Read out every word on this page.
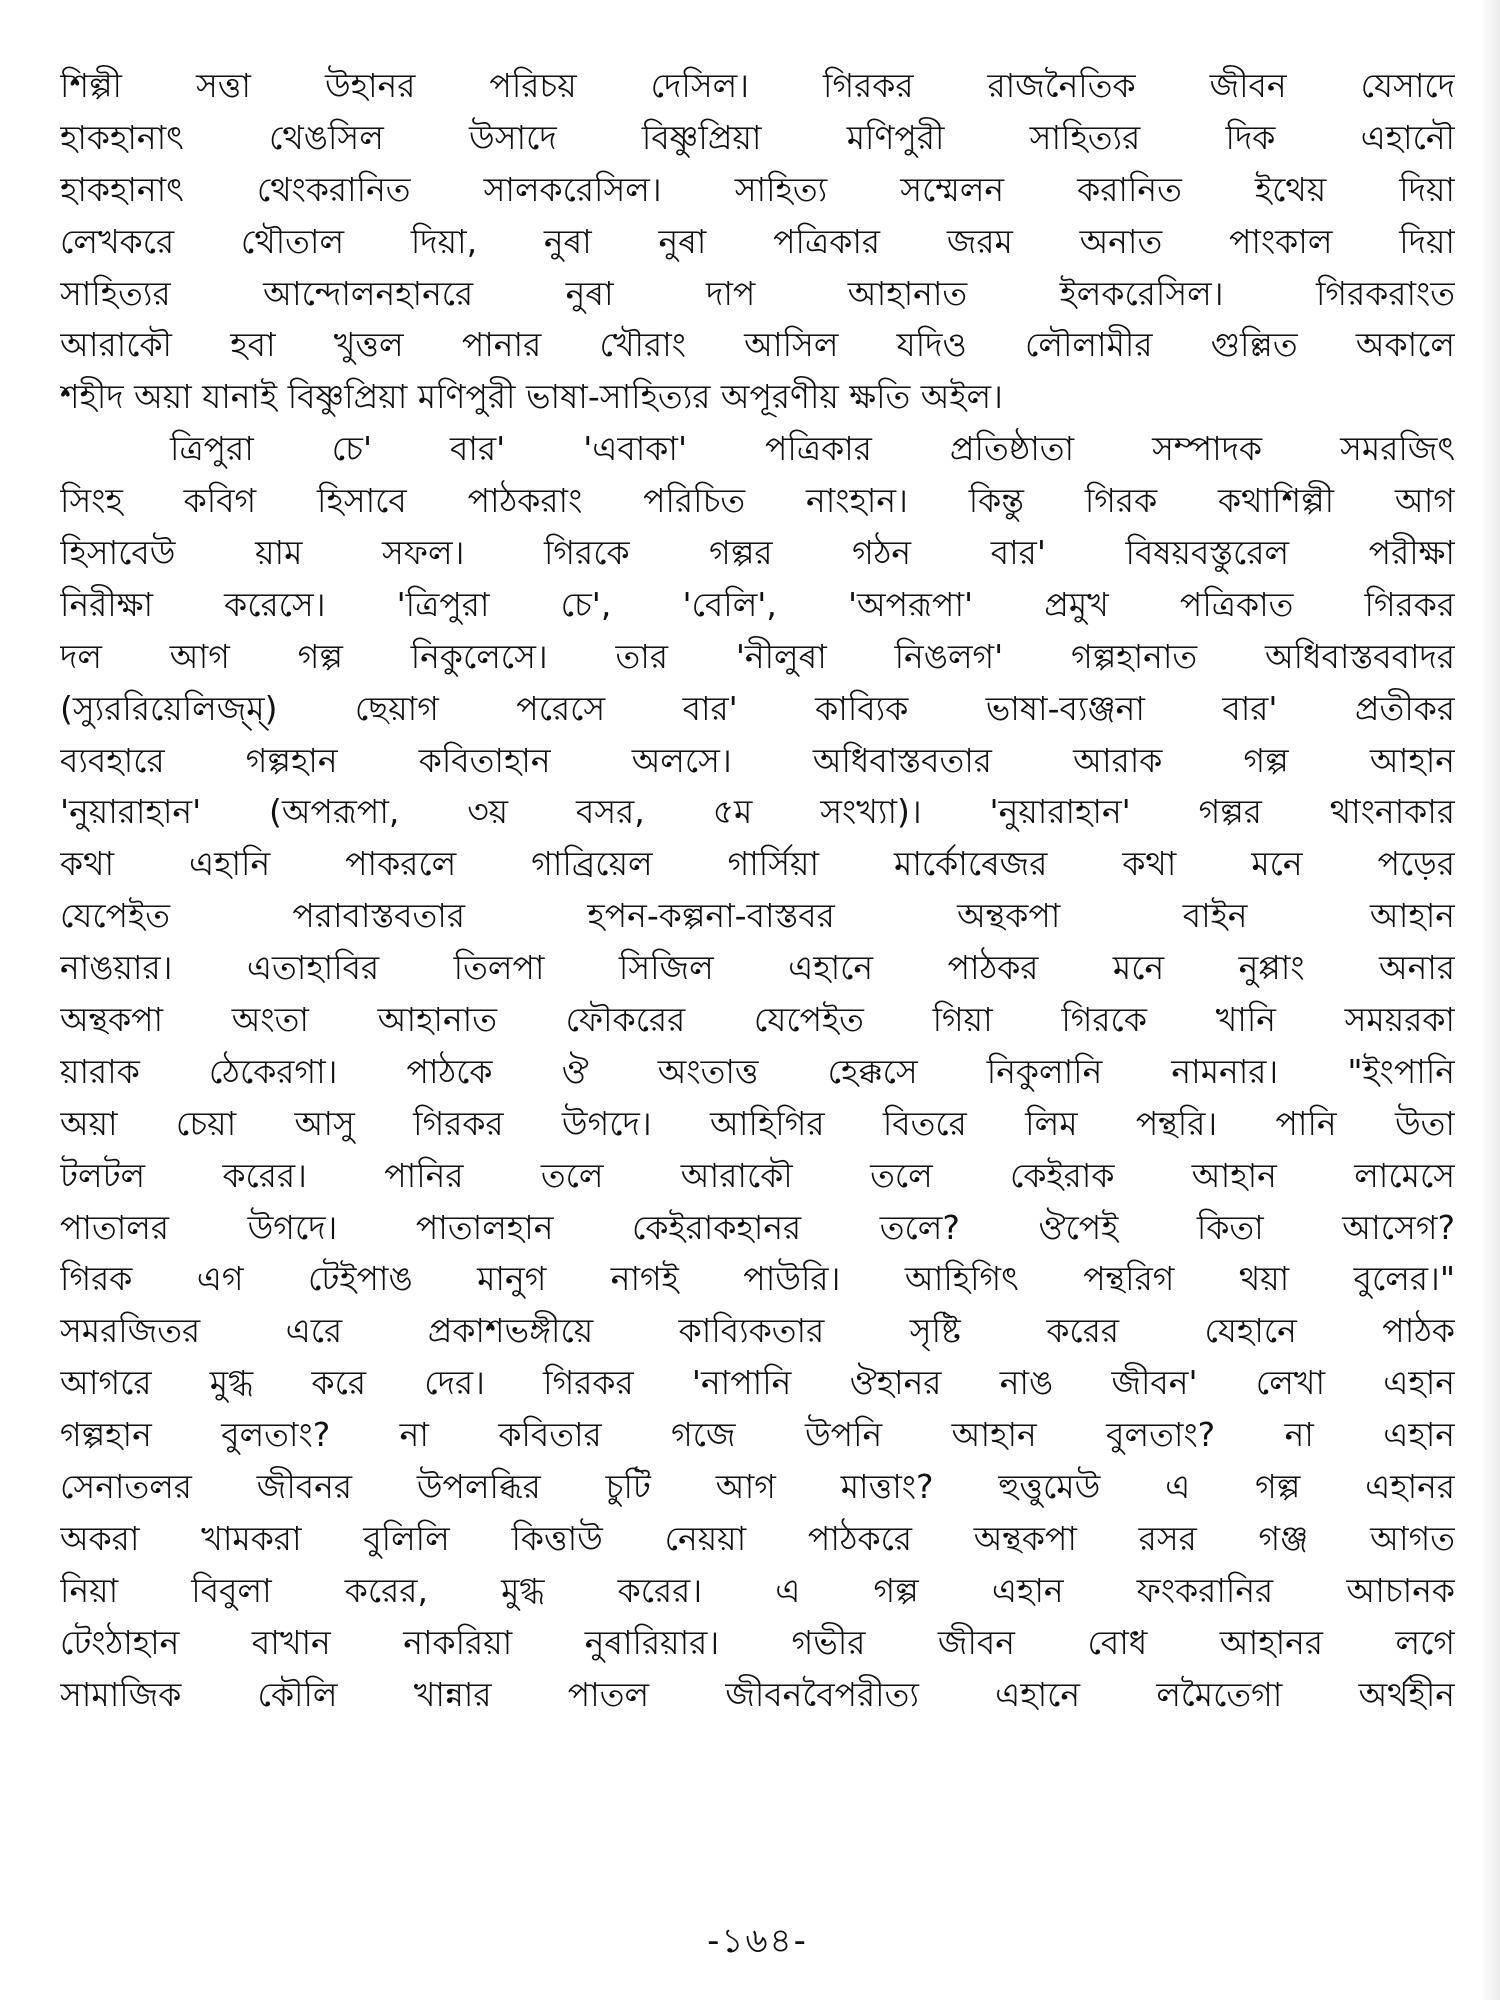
শিল্পী সত্তা উহানর পরিচয় দেসিল। গিরকর রাজনৈতিক জীবন যেসাদে
হাকহানাৎ থেঙসিল উসাদে বিষ্ণুপ্রিয়া মণিপুরী সাহিত্যর দিক এহানৌ
হাকহানাৎ থেংকরানিত সালকরেসিল। সাহিত্য সম্মেলন করানিত ইথেয় দিয়া
লেখকরে থৌতাল দিয়া, নুৰা নুৰা পত্রিকার জরম অনাত পাংকাল দিয়া
সাহিত্যর আন্দোলনহানরে নুৰা দাপ আহানাত ইলকরেসিল। গিরকরাংত
আরাকৌ হবা খুত্তল পানার খৌরাং আসিল যদিও লৌলামীর গুল্লিত অকালে
শহীদ অয়া যানাই বিষ্ণুপ্রিয়া মণিপুরী ভাষা-সাহিত্যর অপূরণীয় ক্ষতি অইল।
ত্রিপুরা চে' বার' 'এবাকা' পত্রিকার প্রতিষ্ঠাতা সম্পাদক সমরজিৎ
সিংহ কবিগ হিসাবে পাঠকরাং পরিচিত নাংহান। কিন্তু গিরক কথাশিল্পী আগ
হিসাবেউ য়াম সফল। গিরকে গল্পর গঠন বার' বিষয়বস্তুরেল পরীক্ষা
নিরীক্ষা করেসে। 'ত্রিপুরা চে', 'বেলি', 'অপরূপা' প্রমুখ পত্রিকাত গিরকর
দল আগ গল্প নিকুলেসে। তার 'নীলুৰা নিঙলগ' গল্পহানাত অধিবাস্তববাদর
(স্যুররিয়েলিজ্‌ম্) ছেয়াগ পরেসে বার' কাব্যিক ভাষা-ব্যঞ্জনা বার' প্রতীকর
ব্যবহারে গল্পহান কবিতাহান অলসে। অধিবাস্তবতার আরাক গল্প আহান
'নুয়ারাহান' (অপরূপা, ৩য় বসর, ৫ম সংখ্যা)। 'নুয়ারাহান' গল্পর থাংনাকার
কথা এহানি পাকরলে গাব্রিয়েল গার্সিয়া মার্কোৰেজর কথা মনে পড়ের
যেপেইত পরাবাস্তবতার হপন-কল্পনা-বাস্তবর অন্থকপা বাইন আহান
নাঙয়ার। এতাহাবির তিলপা সিজিল এহানে পাঠকর মনে নুপ্পাং অনার
অন্থকপা অংতা আহানাত ফৌকরের যেপেইত গিয়া গিরকে খানি সময়রকা
য়ারাক ঠেকেরগা। পাঠকে ঔ অংতাত্ত হেক্কসে নিকুলানি নামনার। "ইংপানি
অয়া চেয়া আসু গিরকর উগদে। আহিগির বিতরে লিম পন্থরি। পানি উতা
টলটল করের। পানির তলে আরাকৌ তলে কেইরাক আহান লামেসে
পাতালর উগদে। পাতালহান কেইরাকহানর তলে? ঔপেই কিতা আসেগ?
গিরক এগ টেইপাঙ মানুগ নাগই পাউরি। আহিগিৎ পন্থরিগ থয়া বুলের।"
সমরজিতর এরে প্রকাশভঙ্গীয়ে কাব্যিকতার সৃষ্টি করের যেহানে পাঠক
আগরে মুগ্ধ করে দের। গিরকর 'নাপানি ঔহানর নাঙ জীবন' লেখা এহান
গল্পহান বুলতাং? না কবিতার গজে উপনি আহান বুলতাং? না এহান
সেনাতলর জীবনর উপলব্ধির চুটি আগ মাত্তাং? হুত্তুমেউ এ গল্প এহানর
অকরা খামকরা বুলিলি কিত্তাউ নেয়য়া পাঠকরে অন্থকপা রসর গঞ্জ আগত
নিয়া বিবুলা করের, মুগ্ধ করের। এ গল্প এহান ফংকরানির আচানক
টেংঠাহান বাখান নাকরিয়া নুৰারিয়ার। গভীর জীবন বোধ আহানর লগে
সামাজিক কৌলি খান্নার পাতল জীবনবৈপরীত্য এহানে লমৈতেগা অর্থহীন
-১৬৪-
